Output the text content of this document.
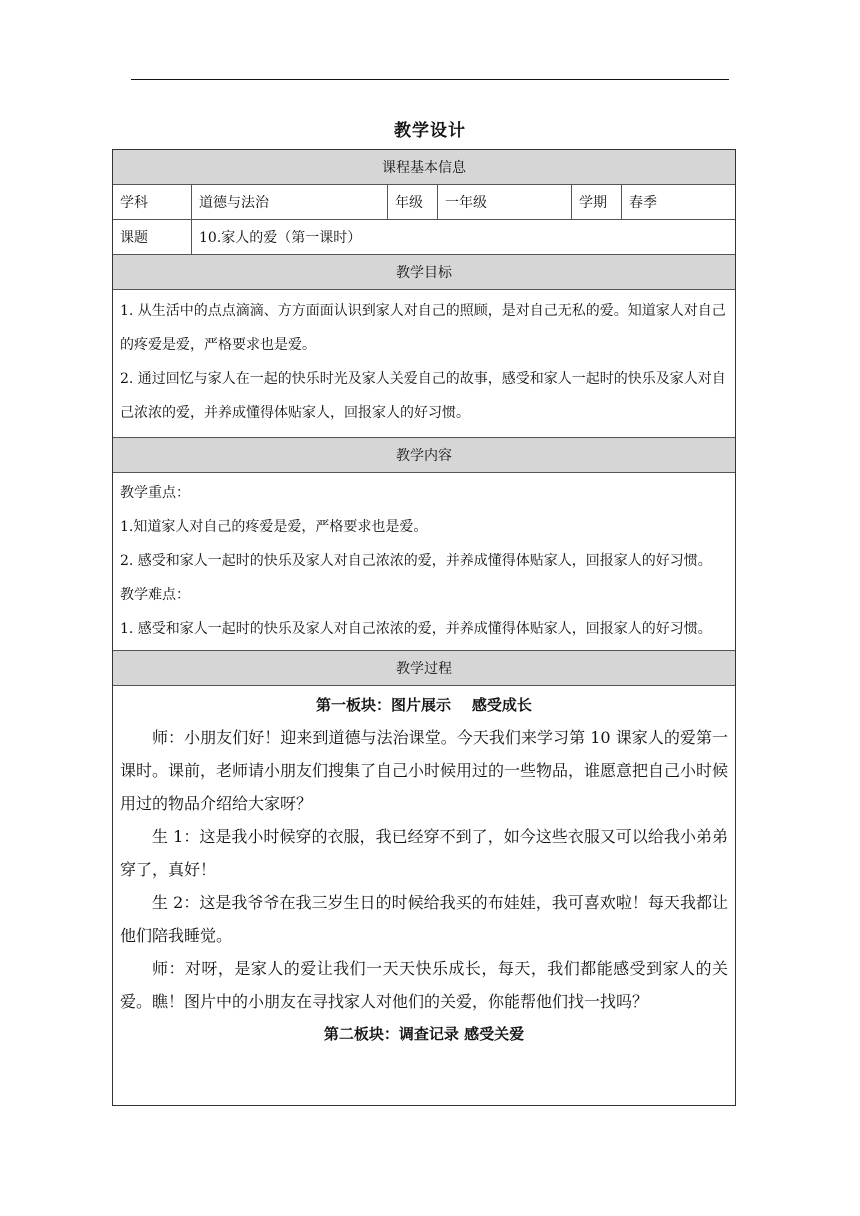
教学设计
课程基本信息
学科	道德与法治	年级	一年级	学期	春季
课题	10.家人的爱（第一课时）
教学目标

1. 从生活中的点点滴滴、方方面面认识到家人对自己的照顾，是对自己无私的爱。知道家人对自己的疼爱是爱，严格要求也是爱。

2. 通过回忆与家人在一起的快乐时光及家人关爱自己的故事，感受和家人一起时的快乐及家人对自己浓浓的爱，并养成懂得体贴家人，回报家人的好习惯。

教学内容

教学重点：

1.知道家人对自己的疼爱是爱，严格要求也是爱。

2. 感受和家人一起时的快乐及家人对自己浓浓的爱，并养成懂得体贴家人，回报家人的好习惯。

教学难点：

1. 感受和家人一起时的快乐及家人对自己浓浓的爱，并养成懂得体贴家人，回报家人的好习惯。

教学过程
第一板块：图片展示    感受成长

师：小朋友们好！迎来到道德与法治课堂。今天我们来学习第 10 课家人的爱第一课时。课前，老师请小朋友们搜集了自己小时候用过的一些物品，谁愿意把自己小时候用过的物品介绍给大家呀？

生 1：这是我小时候穿的衣服，我已经穿不到了，如今这些衣服又可以给我小弟弟穿了，真好！

生 2：这是我爷爷在我三岁生日的时候给我买的布娃娃，我可喜欢啦！每天我都让他们陪我睡觉。

师：对呀，是家人的爱让我们一天天快乐成长，每天，我们都能感受到家人的关爱。瞧！图片中的小朋友在寻找家人对他们的关爱，你能帮他们找一找吗？

第二板块：调查记录 感受关爱
